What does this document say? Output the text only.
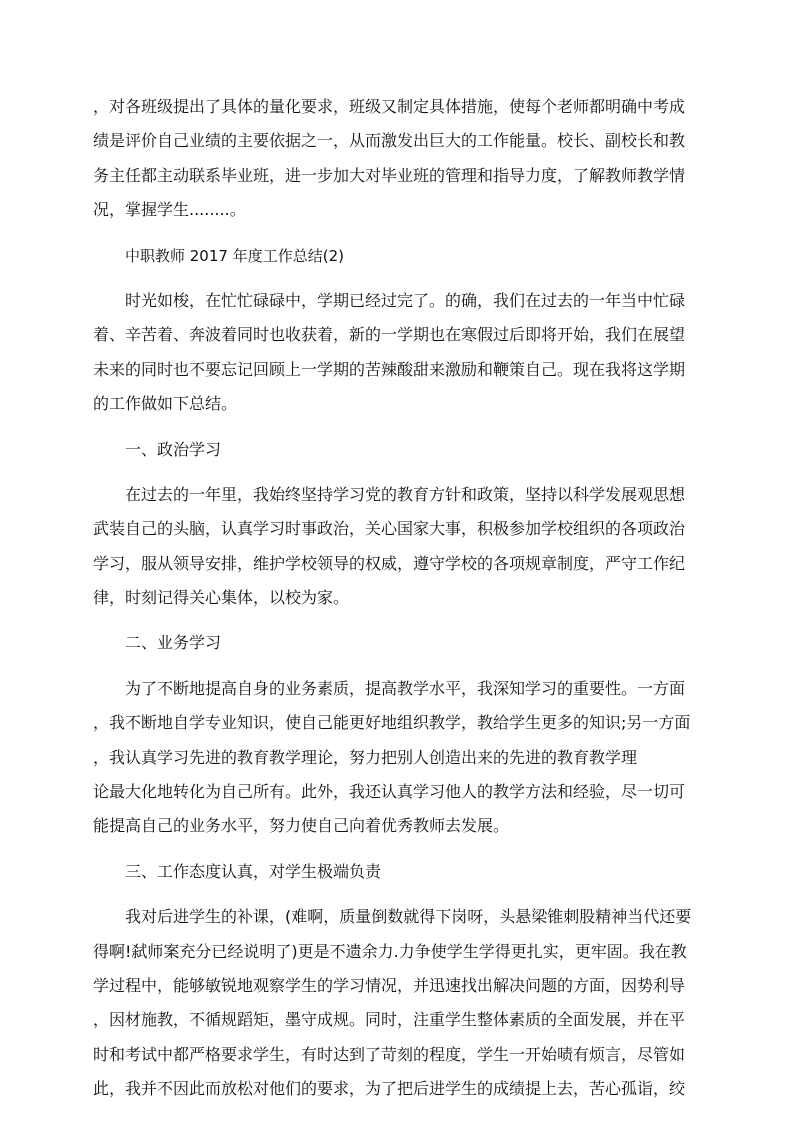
，对各班级提出了具体的量化要求，班级又制定具体措施，使每个老师都明确中考成
绩是评价自己业绩的主要依据之一，从而激发出巨大的工作能量。校长、副校长和教
务主任都主动联系毕业班，进一步加大对毕业班的管理和指导力度，了解教师教学情
况，掌握学生........。
中职教师 2017 年度工作总结(2)
时光如梭，在忙忙碌碌中，学期已经过完了。的确，我们在过去的一年当中忙碌
着、辛苦着、奔波着同时也收获着，新的一学期也在寒假过后即将开始，我们在展望
未来的同时也不要忘记回顾上一学期的苦辣酸甜来激励和鞭策自己。现在我将这学期
的工作做如下总结。
一、政治学习
在过去的一年里，我始终坚持学习党的教育方针和政策，坚持以科学发展观思想
武装自己的头脑，认真学习时事政治，关心国家大事，积极参加学校组织的各项政治
学习，服从领导安排，维护学校领导的权威，遵守学校的各项规章制度，严守工作纪
律，时刻记得关心集体，以校为家。
二、业务学习
为了不断地提高自身的业务素质，提高教学水平，我深知学习的重要性。一方面
，我不断地自学专业知识，使自己能更好地组织教学，教给学生更多的知识;另一方面
，我认真学习先进的教育教学理论，努力把别人创造出来的先进的教育教学理
论最大化地转化为自己所有。此外，我还认真学习他人的教学方法和经验，尽一切可
能提高自己的业务水平，努力使自己向着优秀教师去发展。
三、工作态度认真，对学生极端负责
我对后进学生的补课，(难啊，质量倒数就得下岗呀，头悬梁锥刺股精神当代还要
得啊!弑师案充分已经说明了)更是不遗余力.力争使学生学得更扎实，更牢固。我在教
学过程中，能够敏锐地观察学生的学习情况，并迅速找出解决问题的方面，因势利导
，因材施教，不循规蹈矩，墨守成规。同时，注重学生整体素质的全面发展，并在平
时和考试中都严格要求学生，有时达到了苛刻的程度，学生一开始啧有烦言，尽管如
此，我并不因此而放松对他们的要求，为了把后进学生的成绩提上去，苦心孤诣，绞
